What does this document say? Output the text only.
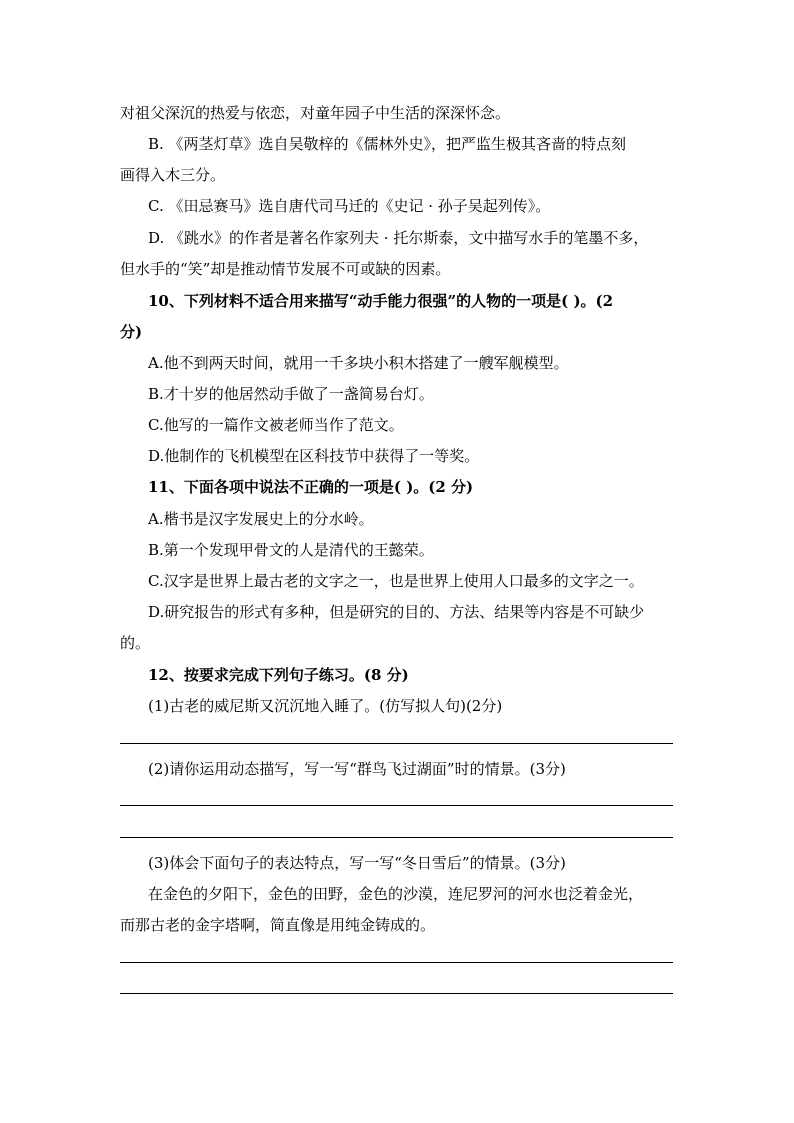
对祖父深沉的热爱与依恋，对童年园子中生活的深深怀念。
B. 《两茎灯草》选自吴敬梓的《儒林外史》，把严监生极其吝啬的特点刻
画得入木三分。
C. 《田忌赛马》选自唐代司马迁的《史记 · 孙子吴起列传》。
D. 《跳水》的作者是著名作家列夫 · 托尔斯泰，文中描写水手的笔墨不多，
但水手的“笑”却是推动情节发展不可或缺的因素。
10、下列材料不适合用来描写“动手能力很强”的人物的一项是( )。(2
分)
A.他不到两天时间，就用一千多块小积木搭建了一艘军舰模型。
B.才十岁的他居然动手做了一盏简易台灯。
C.他写的一篇作文被老师当作了范文。
D.他制作的飞机模型在区科技节中获得了一等奖。
11、下面各项中说法不正确的一项是( )。(2 分)
A.楷书是汉字发展史上的分水岭。
B.第一个发现甲骨文的人是清代的王懿荣。
C.汉字是世界上最古老的文字之一，也是世界上使用人口最多的文字之一。
D.研究报告的形式有多种，但是研究的目的、方法、结果等内容是不可缺少
的。
12、按要求完成下列句子练习。(8 分)
(1)古老的威尼斯又沉沉地入睡了。(仿写拟人句)(2分)
(2)请你运用动态描写，写一写“群鸟飞过湖面”时的情景。(3分)
(3)体会下面句子的表达特点，写一写“冬日雪后”的情景。(3分)
在金色的夕阳下，金色的田野，金色的沙漠，连尼罗河的河水也泛着金光，
而那古老的金字塔啊，简直像是用纯金铸成的。
